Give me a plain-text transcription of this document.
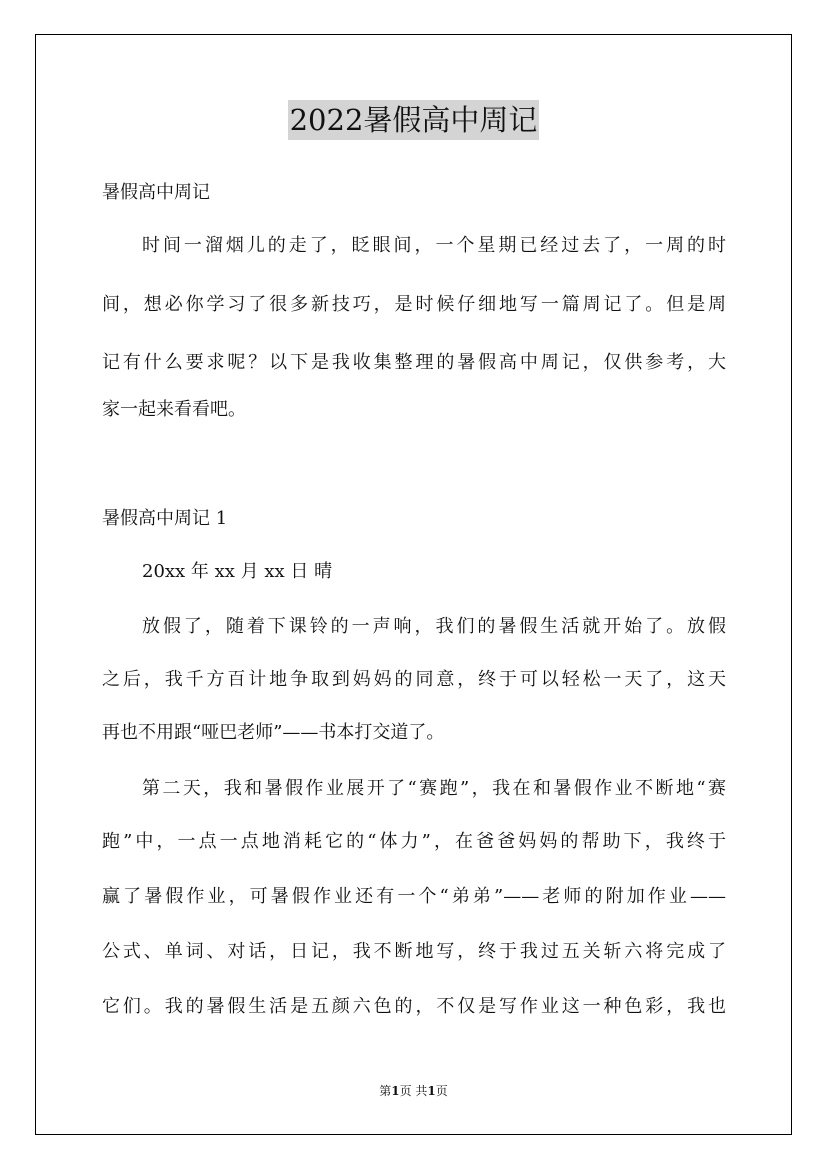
2022暑假高中周记
暑假高中周记
时间一溜烟儿的走了，眨眼间，一个星期已经过去了，一周的时
间，想必你学习了很多新技巧，是时候仔细地写一篇周记了。但是周
记有什么要求呢？以下是我收集整理的暑假高中周记，仅供参考，大
家一起来看看吧。
暑假高中周记 1
20xx 年 xx 月 xx 日 晴
放假了，随着下课铃的一声响，我们的暑假生活就开始了。放假
之后，我千方百计地争取到妈妈的同意，终于可以轻松一天了，这天
再也不用跟“哑巴老师”——书本打交道了。
第二天，我和暑假作业展开了“赛跑”，我在和暑假作业不断地“赛
跑”中，一点一点地消耗它的“体力”，在爸爸妈妈的帮助下，我终于
赢了暑假作业，可暑假作业还有一个“弟弟”——老师的附加作业——
公式、单词、对话，日记，我不断地写，终于我过五关斩六将完成了
它们。我的暑假生活是五颜六色的，不仅是写作业这一种色彩，我也
第1页 共1页
